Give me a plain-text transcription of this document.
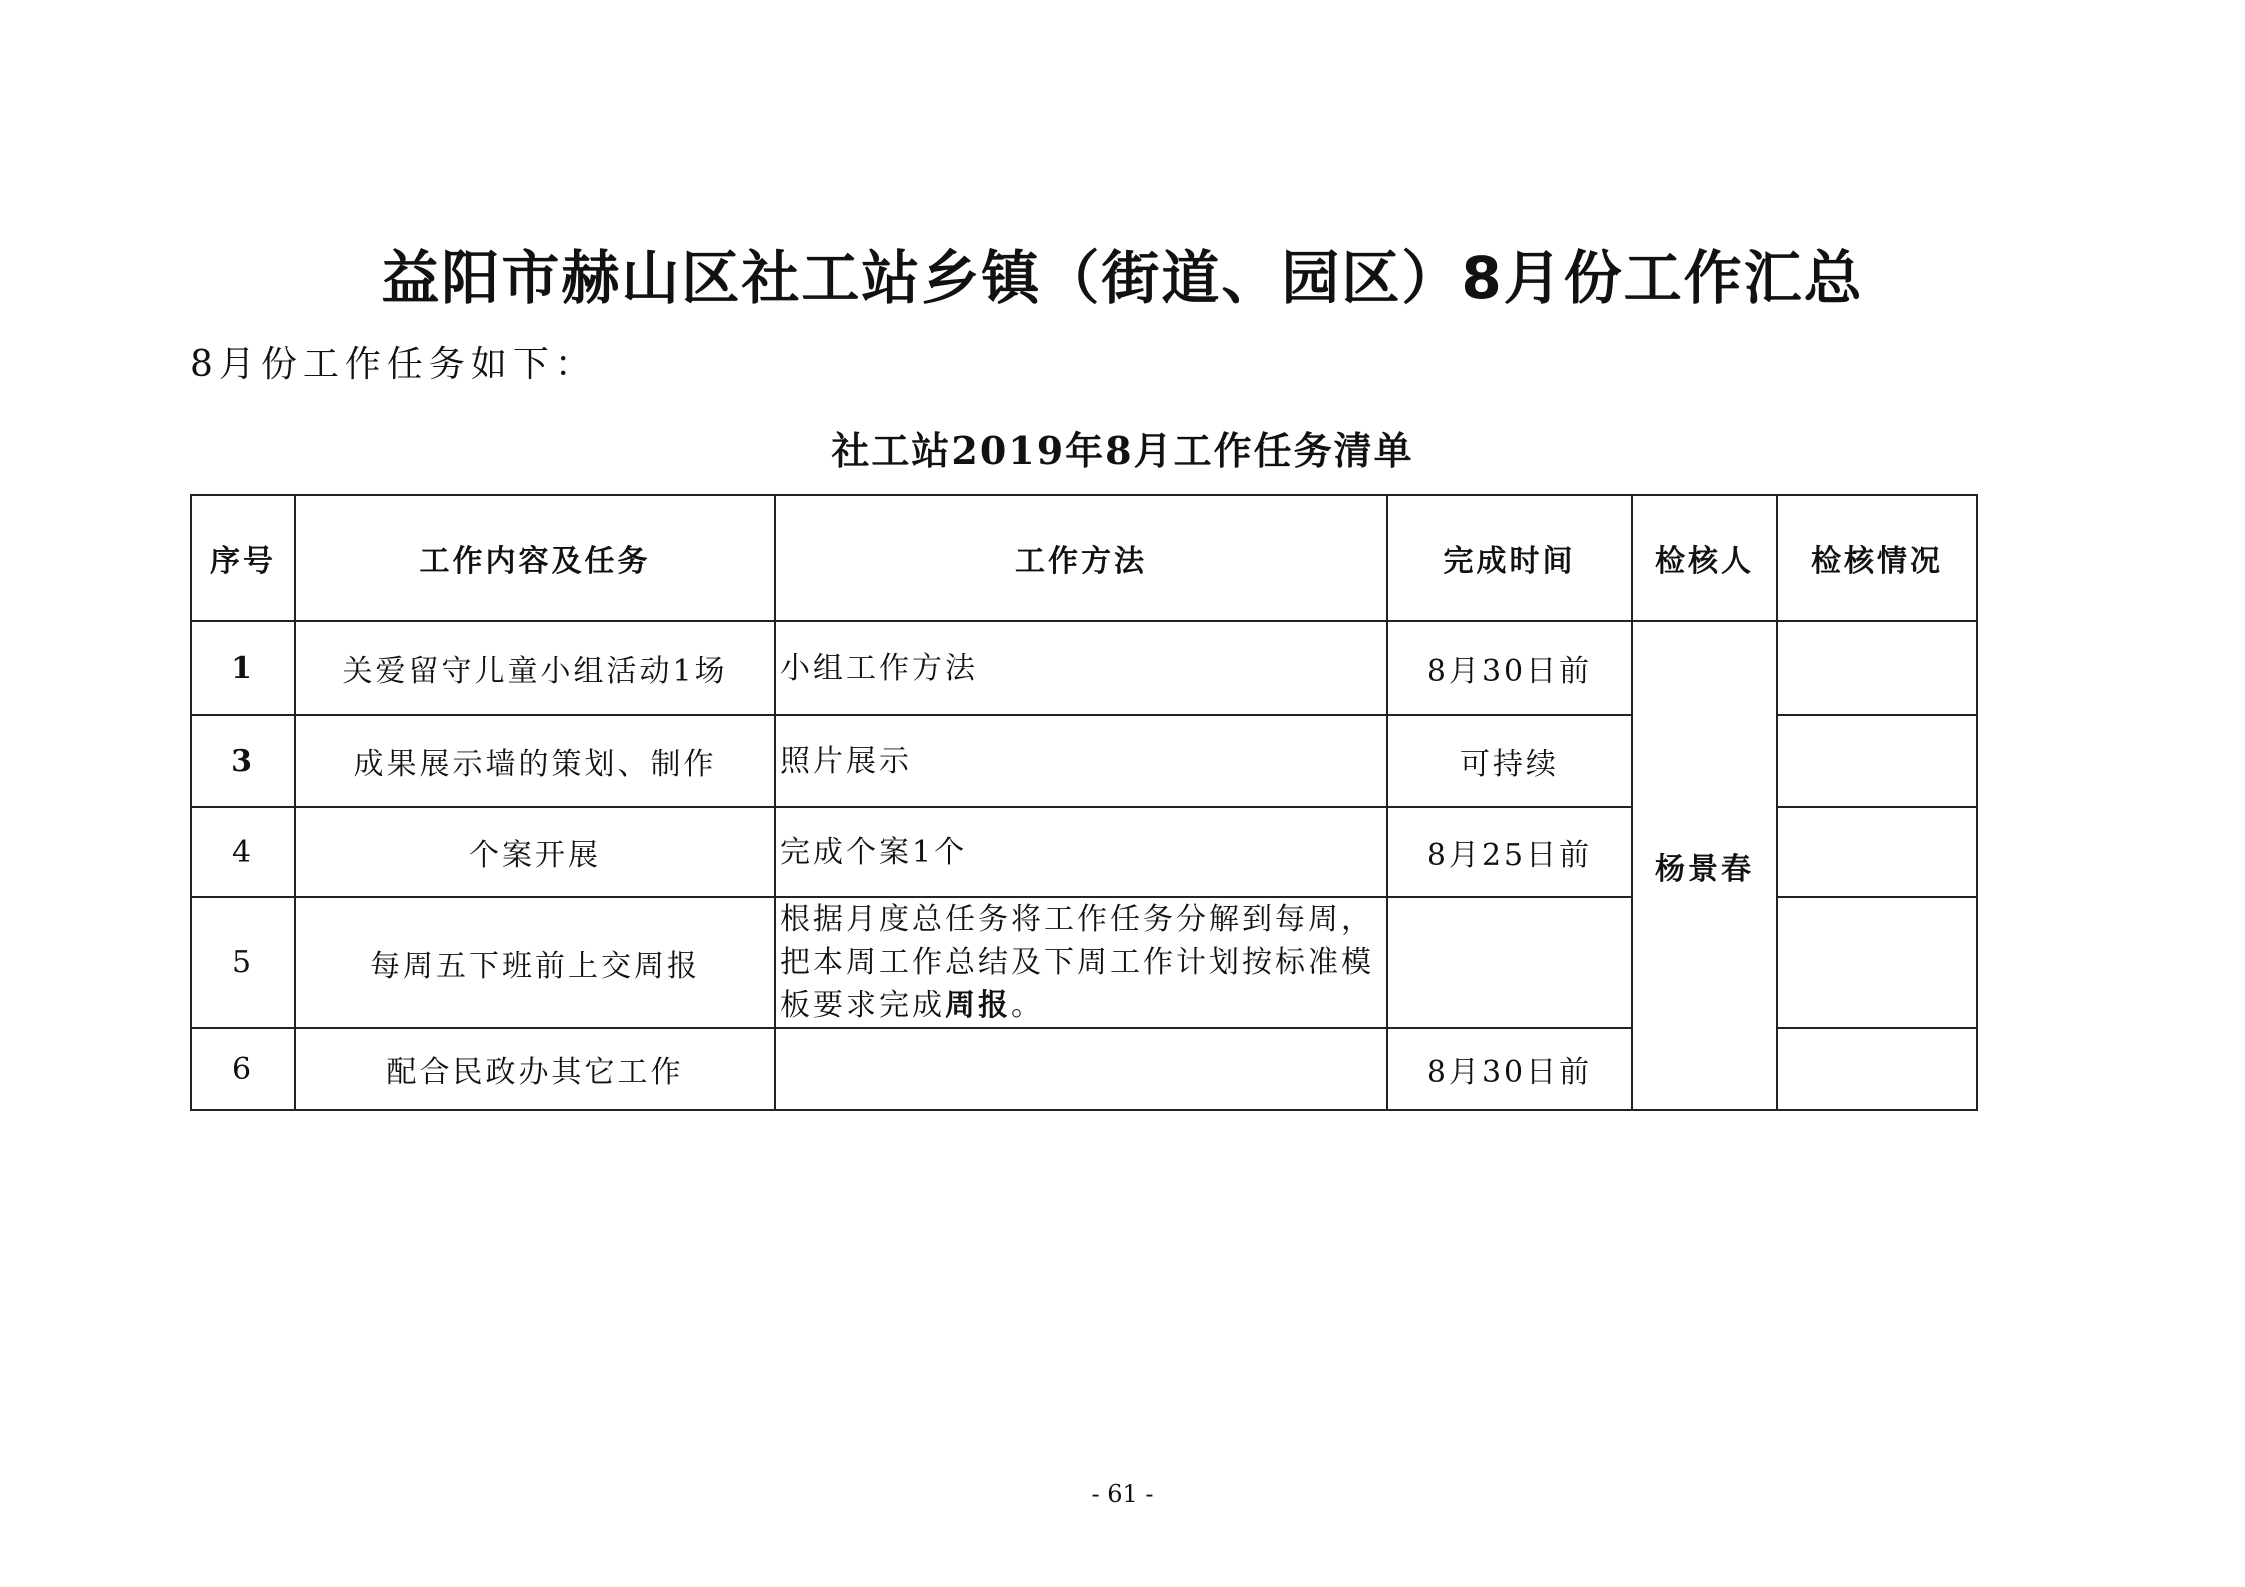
益阳市赫山区社工站乡镇（街道、园区）8月份工作汇总
8月份工作任务如下：
社工站2019年8月工作任务清单
序号	工作内容及任务	工作方法	完成时间	检核人	检核情况
1	关爱留守儿童小组活动1场	小组工作方法	8月30日前	杨景春	
3	成果展示墙的策划、制作	照片展示	可持续		
4	个案开展	完成个案1个	8月25日前		
5	每周五下班前上交周报	根据月度总任务将工作任务分解到每周，把本周工作总结及下周工作计划按标准模板要求完成周报。			
6	配合民政办其它工作		8月30日前		
- 61 -
